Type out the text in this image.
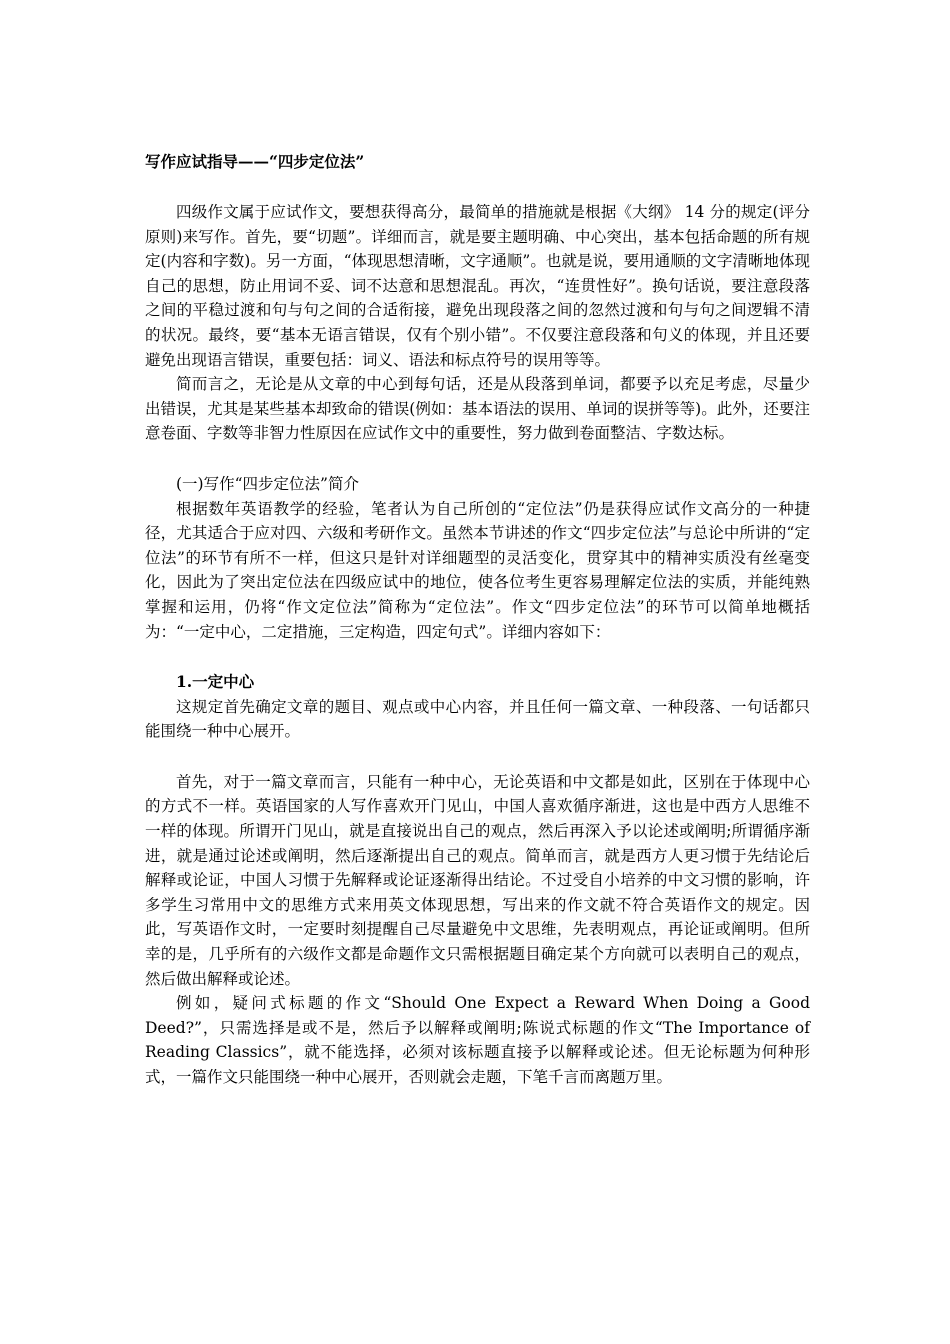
写作应试指导——“四步定位法”

四级作文属于应试作文，要想获得高分，最简单的措施就是根据《大纲》 14 分的规定(评分原则)来写作。首先，要“切题”。详细而言，就是要主题明确、中心突出，基本包括命题的所有规定(内容和字数)。另一方面，“体现思想清晰，文字通顺”。也就是说，要用通顺的文字清晰地体现自己的思想，防止用词不妥、词不达意和思想混乱。再次，“连贯性好”。换句话说，要注意段落之间的平稳过渡和句与句之间的合适衔接，避免出现段落之间的忽然过渡和句与句之间逻辑不清的状况。最终，要“基本无语言错误，仅有个别小错”。不仅要注意段落和句义的体现，并且还要避免出现语言错误，重要包括：词义、语法和标点符号的误用等等。

简而言之，无论是从文章的中心到每句话，还是从段落到单词，都要予以充足考虑，尽量少出错误，尤其是某些基本却致命的错误(例如：基本语法的误用、单词的误拼等等)。此外，还要注意卷面、字数等非智力性原因在应试作文中的重要性，努力做到卷面整洁、字数达标。

(一)写作“四步定位法”简介

根据数年英语教学的经验，笔者认为自己所创的“定位法”仍是获得应试作文高分的一种捷径，尤其适合于应对四、六级和考研作文。虽然本节讲述的作文“四步定位法”与总论中所讲的“定位法”的环节有所不一样，但这只是针对详细题型的灵活变化，贯穿其中的精神实质没有丝毫变化，因此为了突出定位法在四级应试中的地位，使各位考生更容易理解定位法的实质，并能纯熟掌握和运用，仍将“作文定位法”简称为“定位法”。作文“四步定位法”的环节可以简单地概括为：“一定中心，二定措施，三定构造，四定句式”。详细内容如下：

1.一定中心

这规定首先确定文章的题目、观点或中心内容，并且任何一篇文章、一种段落、一句话都只能围绕一种中心展开。

首先，对于一篇文章而言，只能有一种中心，无论英语和中文都是如此，区别在于体现中心的方式不一样。英语国家的人写作喜欢开门见山，中国人喜欢循序渐进，这也是中西方人思维不一样的体现。所谓开门见山，就是直接说出自己的观点，然后再深入予以论述或阐明;所谓循序渐进，就是通过论述或阐明，然后逐渐提出自己的观点。简单而言，就是西方人更习惯于先结论后解释或论证，中国人习惯于先解释或论证逐渐得出结论。不过受自小培养的中文习惯的影响，许多学生习常用中文的思维方式来用英文体现思想，写出来的作文就不符合英语作文的规定。因此，写英语作文时，一定要时刻提醒自己尽量避免中文思维，先表明观点，再论证或阐明。但所幸的是，几乎所有的六级作文都是命题作文只需根据题目确定某个方向就可以表明自己的观点，然后做出解释或论述。

例如，疑问式标题的作文“Should One Expect a Reward When Doing a Good Deed?”，只需选择是或不是，然后予以解释或阐明;陈说式标题的作文“The Importance of Reading Classics”，就不能选择，必须对该标题直接予以解释或论述。但无论标题为何种形式，一篇作文只能围绕一种中心展开，否则就会走题，下笔千言而离题万里。
